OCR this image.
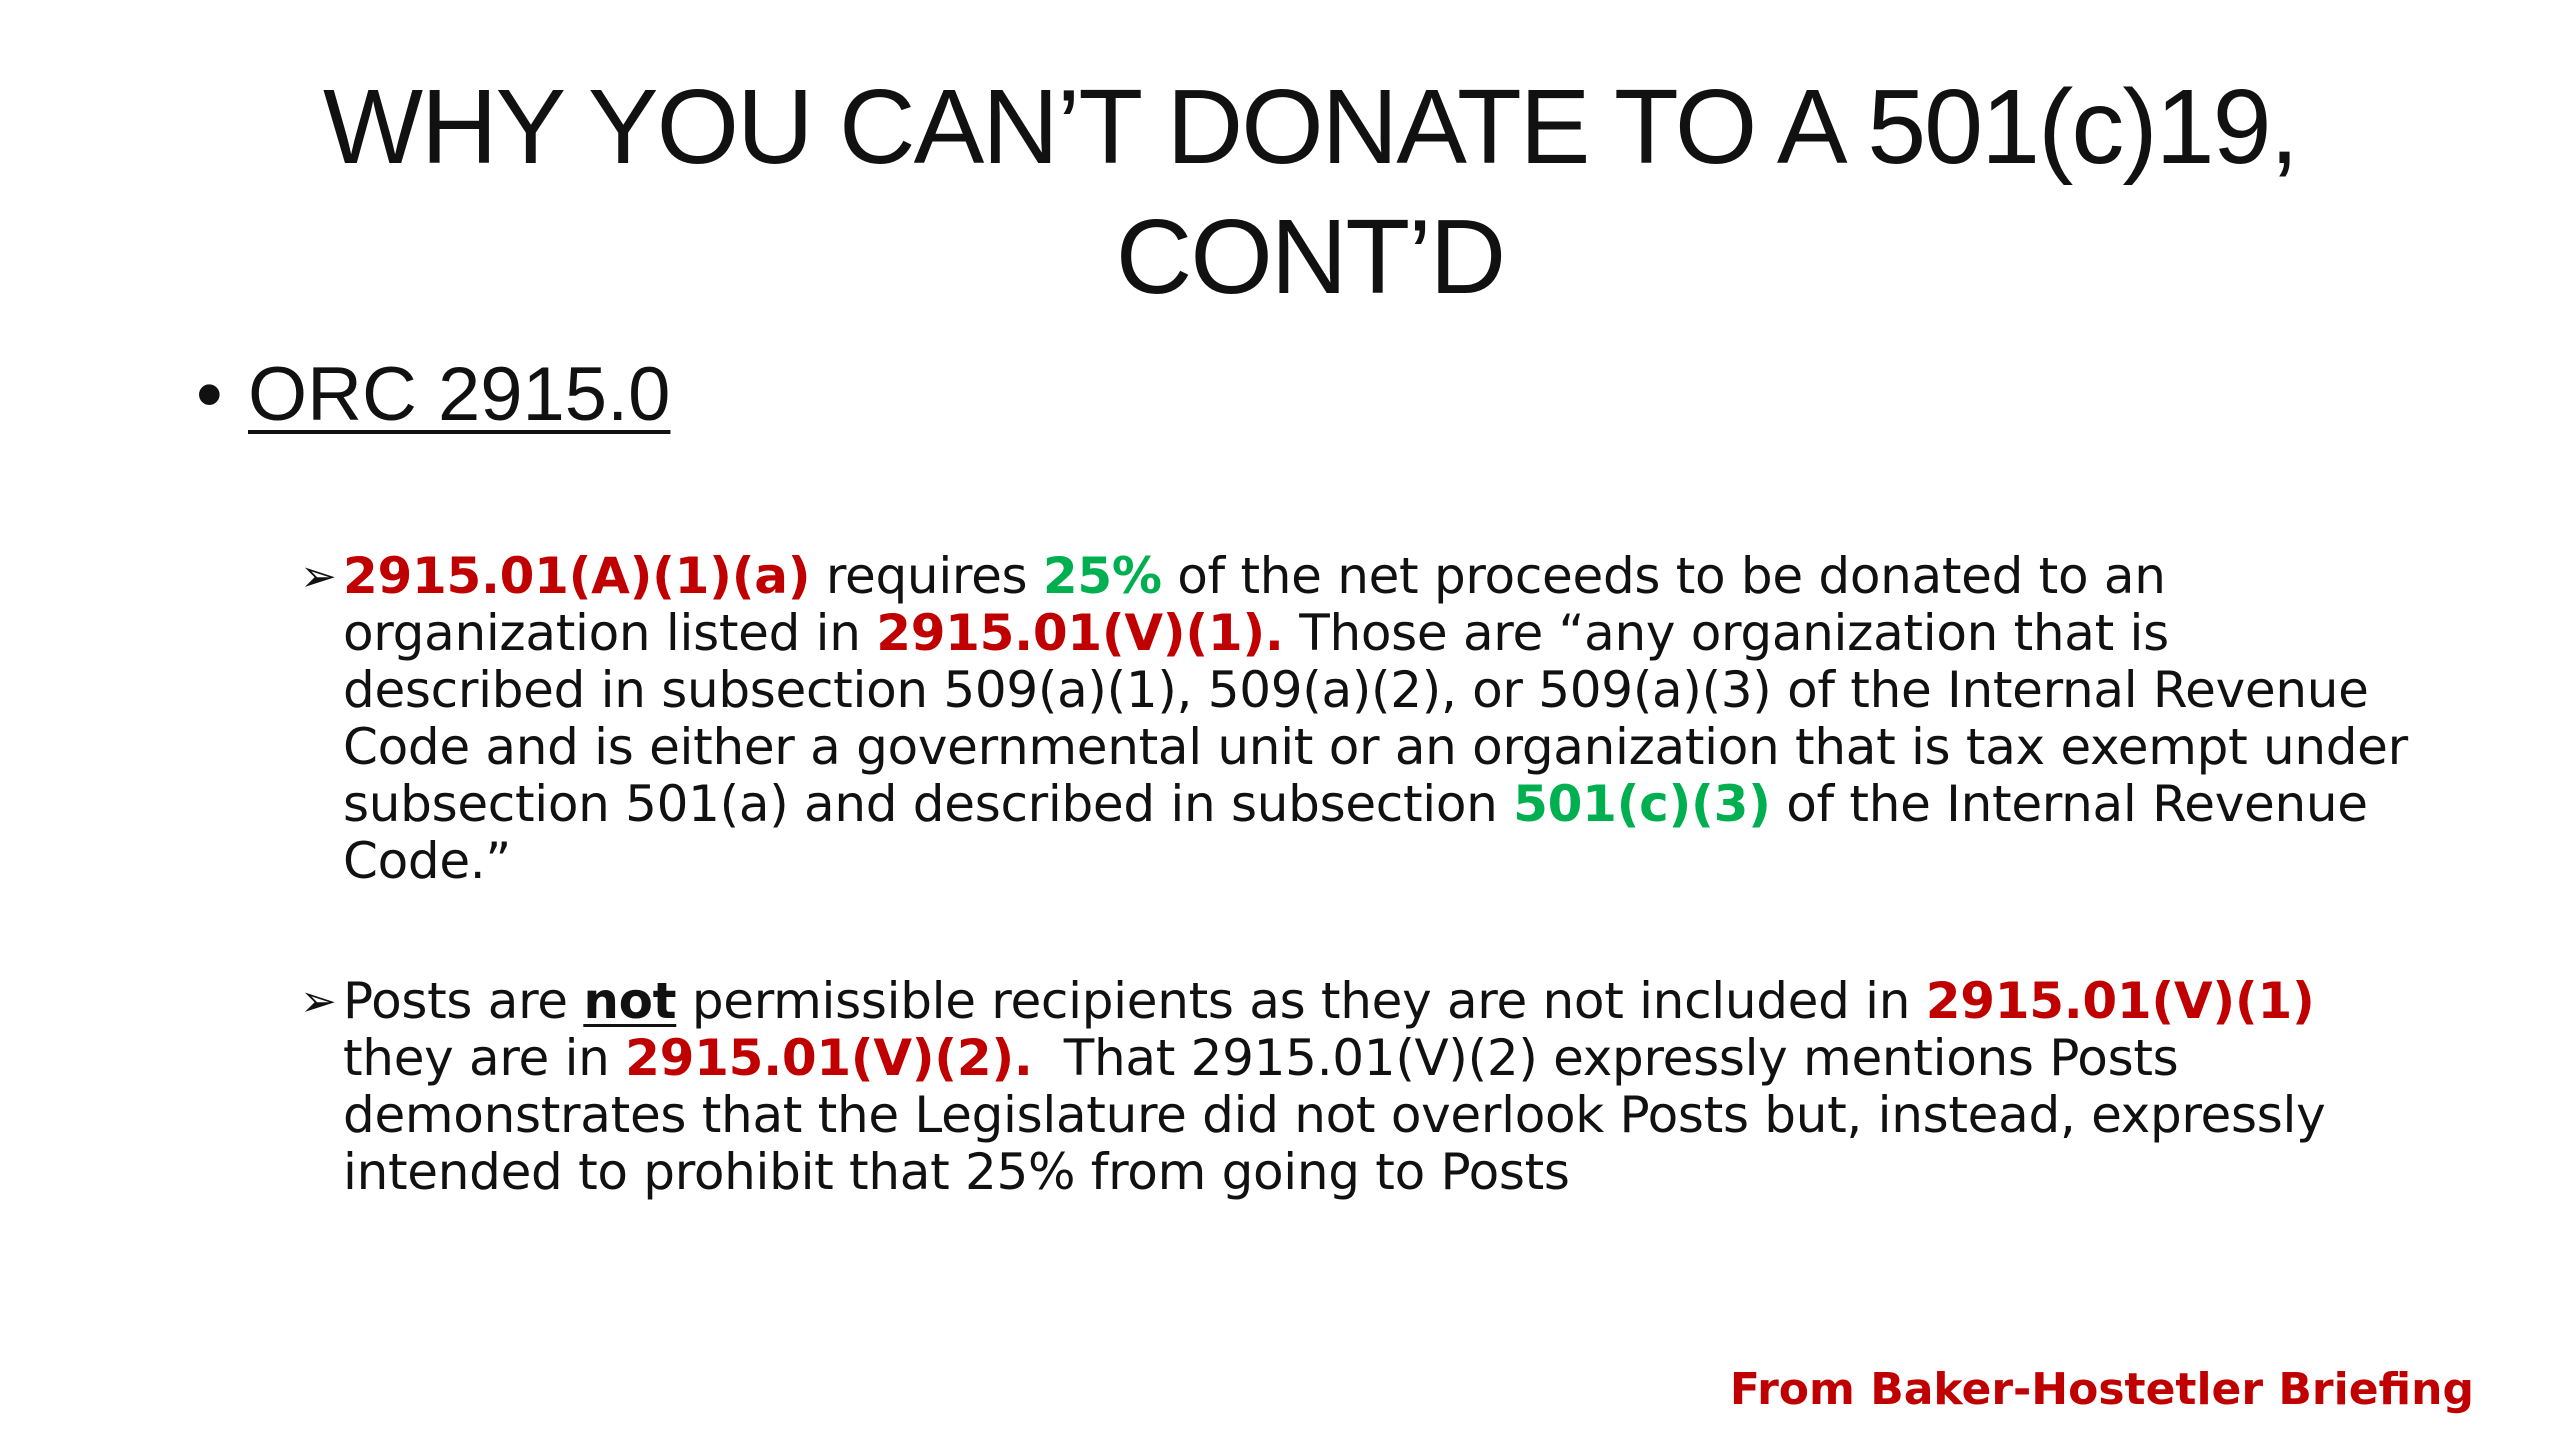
WHY YOU CAN’T DONATE TO A 501(c)19,
CONT’D
• ORC 2915.0
➢ 2915.01(A)(1)(a) requires 25% of the net proceeds to be donated to an organization listed in 2915.01(V)(1). Those are “any organization that is described in subsection 509(a)(1), 509(a)(2), or 509(a)(3) of the Internal Revenue Code and is either a governmental unit or an organization that is tax exempt under subsection 501(a) and described in subsection 501(c)(3) of the Internal Revenue Code.”
➢ Posts are not permissible recipients as they are not included in 2915.01(V)(1) they are in 2915.01(V)(2).  That 2915.01(V)(2) expressly mentions Posts demonstrates that the Legislature did not overlook Posts but, instead, expressly intended to prohibit that 25% from going to Posts
From Baker-Hostetler Briefing
